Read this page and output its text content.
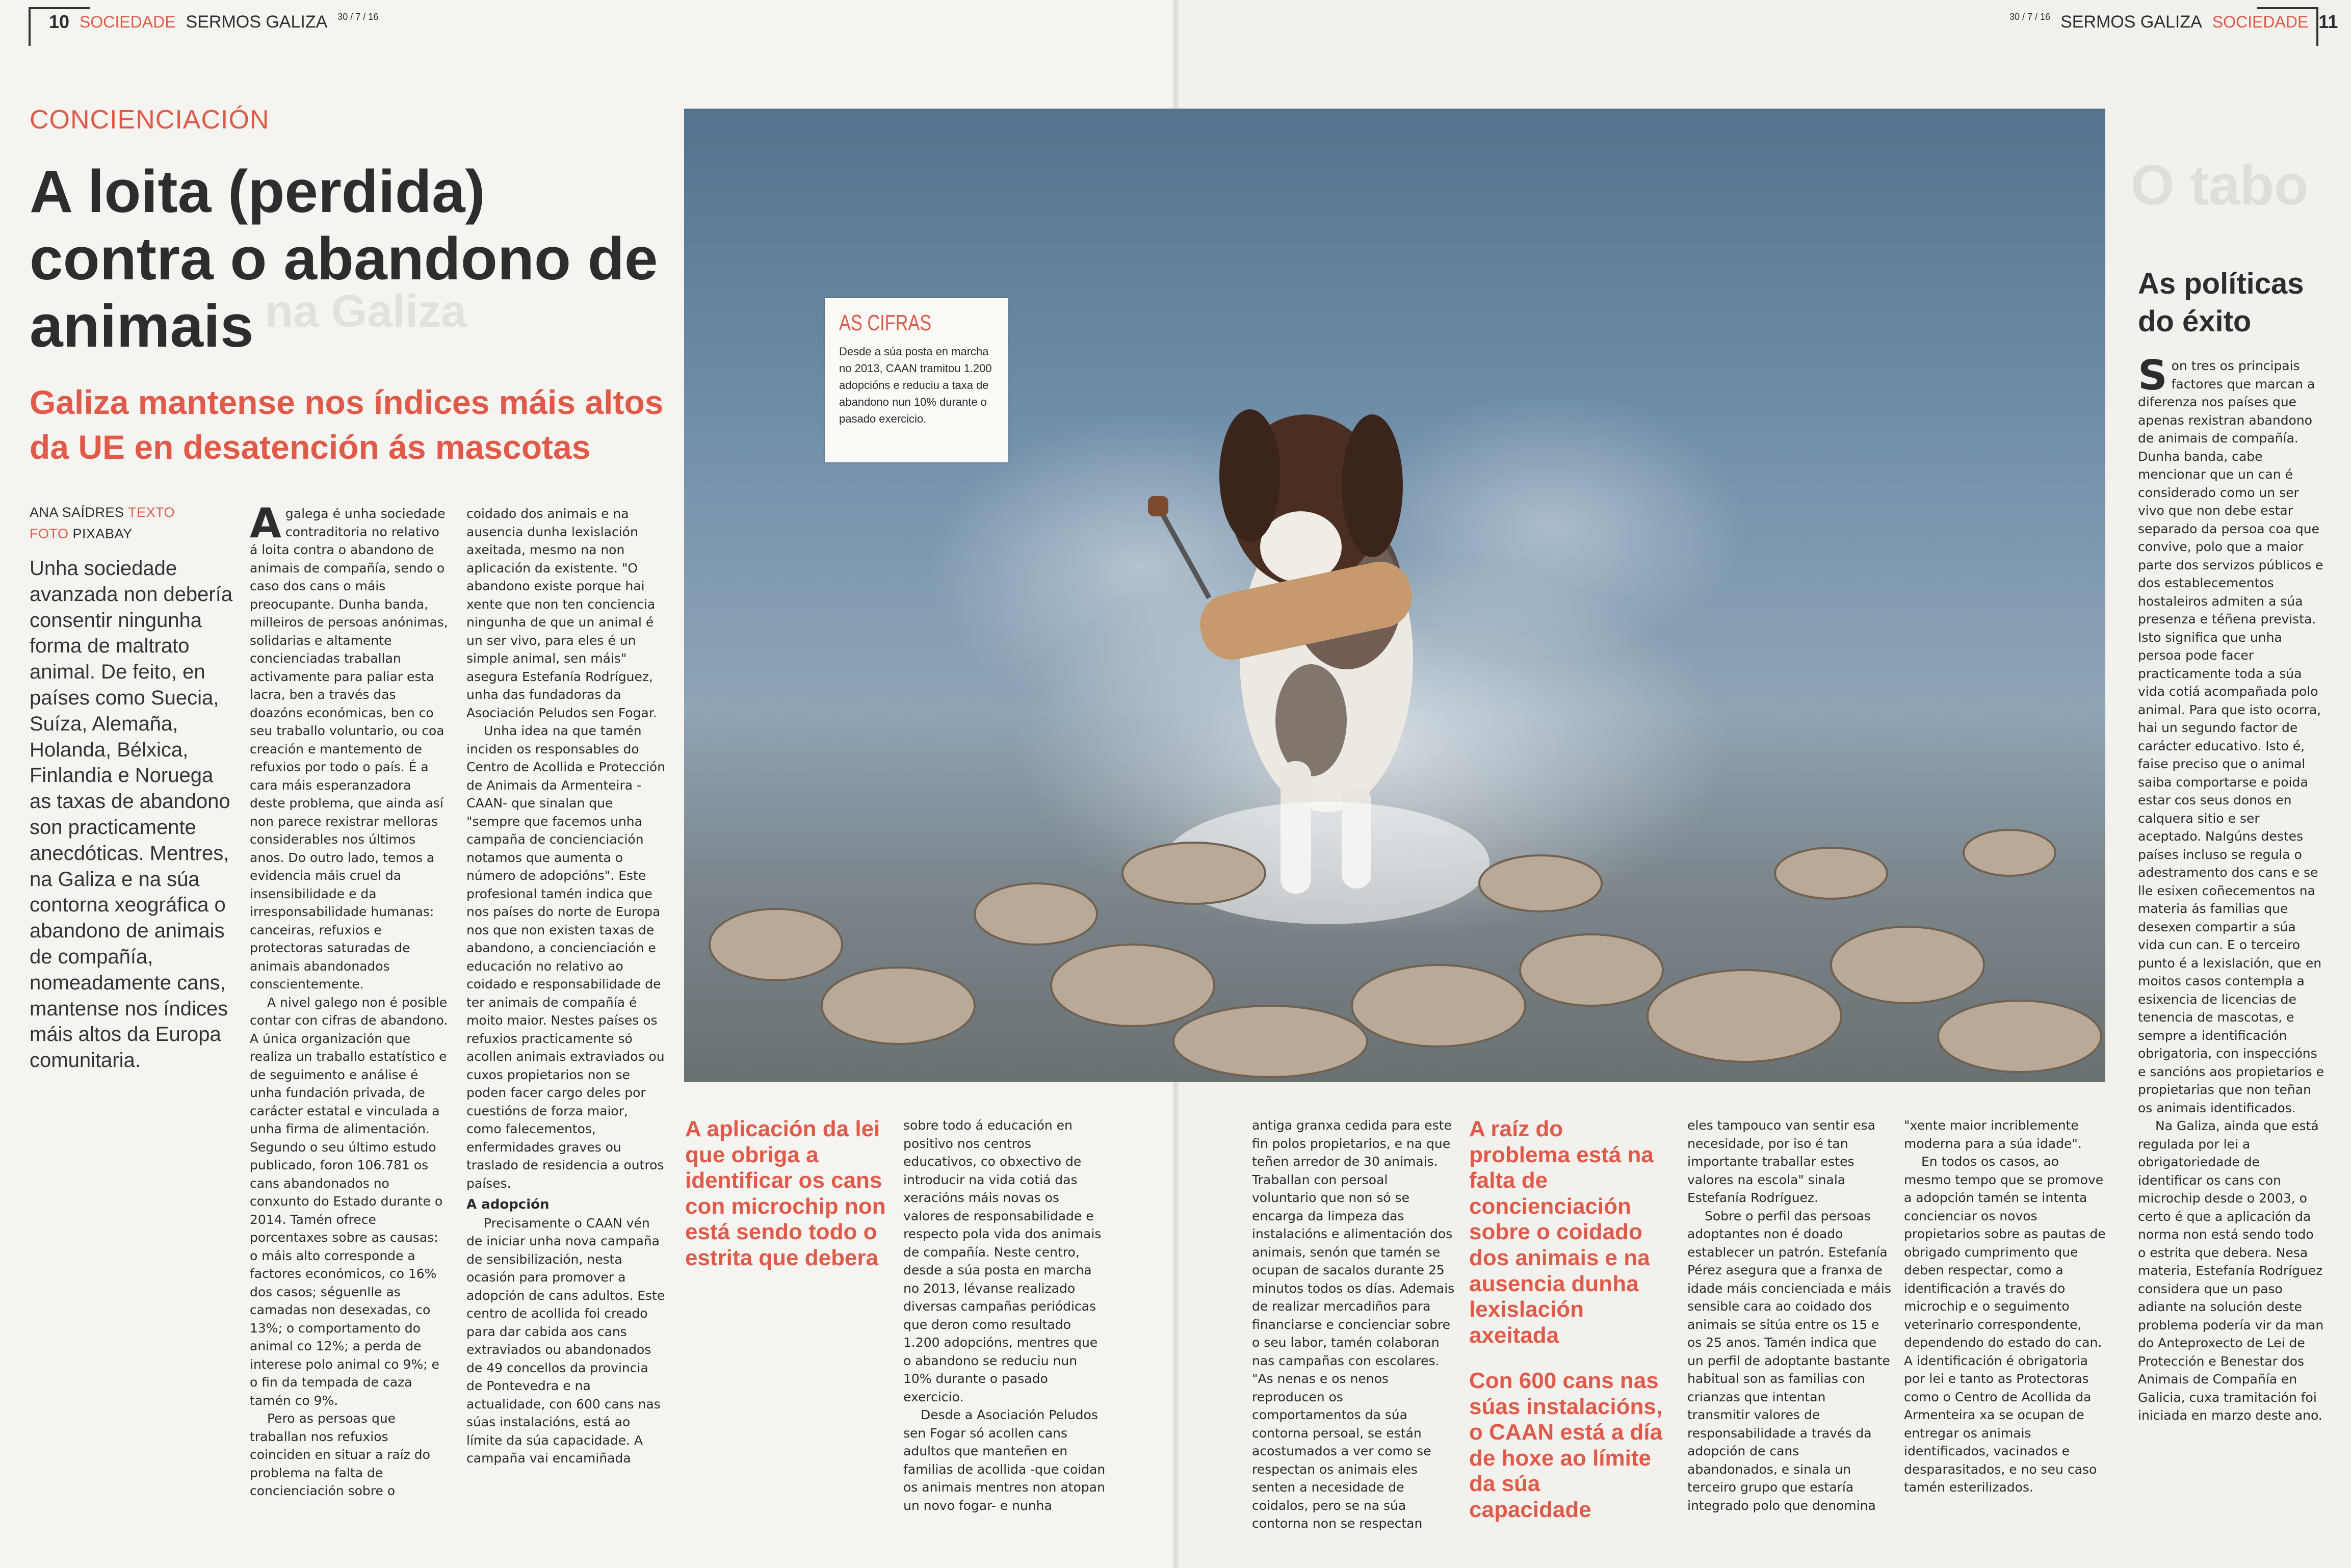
na Galiza
O tabo
10 SOCIEDADE SERMOS GALIZA 30 / 7 / 16	30 / 7 / 16 SERMOS GALIZA SOCIEDADE 11
CONCIENCIACIÓN
A loita (perdida) contra o abandono de animais
Galiza mantense nos índices máis altos da UE en desatención ás mascotas
ANA SAÍDRES TEXTO
FOTO PIXABAY

Unha sociedade avanzada non debería consentir ningunha forma de maltrato animal. De feito, en países como Suecia, Suíza, Alemaña, Holanda, Bélxica, Finlandia e Noruega as taxas de abandono son practicamente anecdóticas. Mentres, na Galiza e na súa contorna xeográfica o abandono de animais de compañía, nomeadamente cans, mantense nos índices máis altos da Europa comunitaria.

A galega é unha sociedade contraditoria no relativo á loita contra o abandono de animais de compañía, sendo o caso dos cans o máis preocupante. Dunha banda, milleiros de persoas anónimas, solidarias e altamente concienciadas traballan activamente para paliar esta lacra, ben a través das doazóns económicas, ben co seu traballo voluntario, ou coa creación e mantemento de refuxios por todo o país. É a cara máis esperanzadora deste problema, que ainda así non parece rexistrar melloras considerables nos últimos anos. Do outro lado, temos a evidencia máis cruel da insensibilidade e da irresponsabilidade humanas: canceiras, refuxios e protectoras saturadas de animais abandonados conscientemente.

A nivel galego non é posible contar con cifras de abandono. A única organización que realiza un traballo estatístico e de seguimento e análise é unha fundación privada, de carácter estatal e vinculada a unha firma de alimentación. Segundo o seu último estudo publicado, foron 106.781 os cans abandonados no conxunto do Estado durante o 2014. Tamén ofrece porcentaxes sobre as causas: o máis alto corresponde a factores económicos, co 16% dos casos; séguenlle as camadas non desexadas, co 13%; o comportamento do animal co 12%; a perda de interese polo animal co 9%; e o fin da tempada de caza tamén co 9%.

Pero as persoas que traballan nos refuxios coinciden en situar a raíz do problema na falta de concienciación sobre o

coidado dos animais e na ausencia dunha lexislación axeitada, mesmo na non aplicación da existente. "O abandono existe porque hai xente que non ten conciencia ningunha de que un animal é un ser vivo, para eles é un simple animal, sen máis" asegura Estefanía Rodríguez, unha das fundadoras da Asociación Peludos sen Fogar.

Unha idea na que tamén inciden os responsables do Centro de Acollida e Protección de Animais da Armenteira -CAAN- que sinalan que "sempre que facemos unha campaña de concienciación notamos que aumenta o número de adopcións". Este profesional tamén indica que nos países do norte de Europa nos que non existen taxas de abandono, a concienciación e educación no relativo ao coidado e responsabilidade de ter animais de compañía é moito maior. Nestes países os refuxios practicamente só acollen animais extraviados ou cuxos propietarios non se poden facer cargo deles por cuestións de forza maior, como falecementos, enfermidades graves ou traslado de residencia a outros países.

A adopción

Precisamente o CAAN vén de iniciar unha nova campaña de sensibilización, nesta ocasión para promover a adopción de cans adultos. Este centro de acollida foi creado para dar cabida aos cans extraviados ou abandonados de 49 concellos da provincia de Pontevedra e na actualidade, con 600 cans nas súas instalacións, está ao límite da súa capacidade. A campaña vai encamiñada

AS CIFRAS

Desde a súa posta en marcha no 2013, CAAN tramitou 1.200 adopcións e reduciu a taxa de abandono nun 10% durante o pasado exercicio.

A aplicación da lei que obriga a identificar os cans con microchip non está sendo todo o estrita que debera

sobre todo á educación en positivo nos centros educativos, co obxectivo de introducir na vida cotiá das xeracións máis novas os valores de responsabilidade e respecto pola vida dos animais de compañía. Neste centro, desde a súa posta en marcha no 2013, lévanse realizado diversas campañas periódicas que deron como resultado 1.200 adopcións, mentres que o abandono se reduciu nun 10% durante o pasado exercicio.

Desde a Asociación Peludos sen Fogar só acollen cans adultos que manteñen en familias de acollida -que coidan os animais mentres non atopan un novo fogar- e nunha

antiga granxa cedida para este fin polos propietarios, e na que teñen arredor de 30 animais. Traballan con persoal voluntario que non só se encarga da limpeza das instalacións e alimentación dos animais, senón que tamén se ocupan de sacalos durante 25 minutos todos os días. Ademais de realizar mercadiños para financiarse e concienciar sobre o seu labor, tamén colaboran nas campañas con escolares. "As nenas e os nenos reproducen os comportamentos da súa contorna persoal, se están acostumados a ver como se respectan os animais eles senten a necesidade de coidalos, pero se na súa contorna non se respectan

A raíz do problema está na falta de concienciación sobre o coidado dos animais e na ausencia dunha lexislación axeitada

Con 600 cans nas súas instalacións, o CAAN está a día de hoxe ao límite da súa capacidade

eles tampouco van sentir esa necesidade, por iso é tan importante traballar estes valores na escola" sinala Estefanía Rodríguez.

Sobre o perfil das persoas adoptantes non é doado establecer un patrón. Estefanía Pérez asegura que a franxa de idade máis concienciada e máis sensible cara ao coidado dos animais se sitúa entre os 15 e os 25 anos. Tamén indica que un perfil de adoptante bastante habitual son as familias con crianzas que intentan transmitir valores de responsabilidade a través da adopción de cans abandonados, e sinala un terceiro grupo que estaría integrado polo que denomina

"xente maior incriblemente moderna para a súa idade".

En todos os casos, ao mesmo tempo que se promove a adopción tamén se intenta concienciar os novos propietarios sobre as pautas de obrigado cumprimento que deben respectar, como a identificación a través do microchip e o seguimento veterinario correspondente, dependendo do estado do can. A identificación é obrigatoria por lei e tanto as Protectoras como o Centro de Acollida da Armenteira xa se ocupan de entregar os animais identificados, vacinados e desparasitados, e no seu caso tamén esterilizados.

As políticas do éxito
S on tres os principais factores que marcan a diferenza nos países que apenas rexistran abandono de animais de compañía. Dunha banda, cabe mencionar que un can é considerado como un ser vivo que non debe estar separado da persoa coa que convive, polo que a maior parte dos servizos públicos e dos establecementos hostaleiros admiten a súa presenza e téñena prevista. Isto significa que unha persoa pode facer practicamente toda a súa vida cotiá acompañada polo animal. Para que isto ocorra, hai un segundo factor de carácter educativo. Isto é, faise preciso que o animal saiba comportarse e poida estar cos seus donos en calquera sitio e ser aceptado. Nalgúns destes países incluso se regula o adestramento dos cans e se lle esixen coñecementos na materia ás familias que desexen compartir a súa vida cun can. E o terceiro punto é a lexislación, que en moitos casos contempla a esixencia de licencias de tenencia de mascotas, e sempre a identificación obrigatoria, con inspeccións e sancións aos propietarios e propietarias que non teñan os animais identificados.

Na Galiza, ainda que está regulada por lei a obrigatoriedade de identificar os cans con microchip desde o 2003, o certo é que a aplicación da norma non está sendo todo o estrita que debera. Nesa materia, Estefanía Rodríguez considera que un paso adiante na solución deste problema podería vir da man do Anteproxecto de Lei de Protección e Benestar dos Animais de Compañía en Galicia, cuxa tramitación foi iniciada en marzo deste ano.
